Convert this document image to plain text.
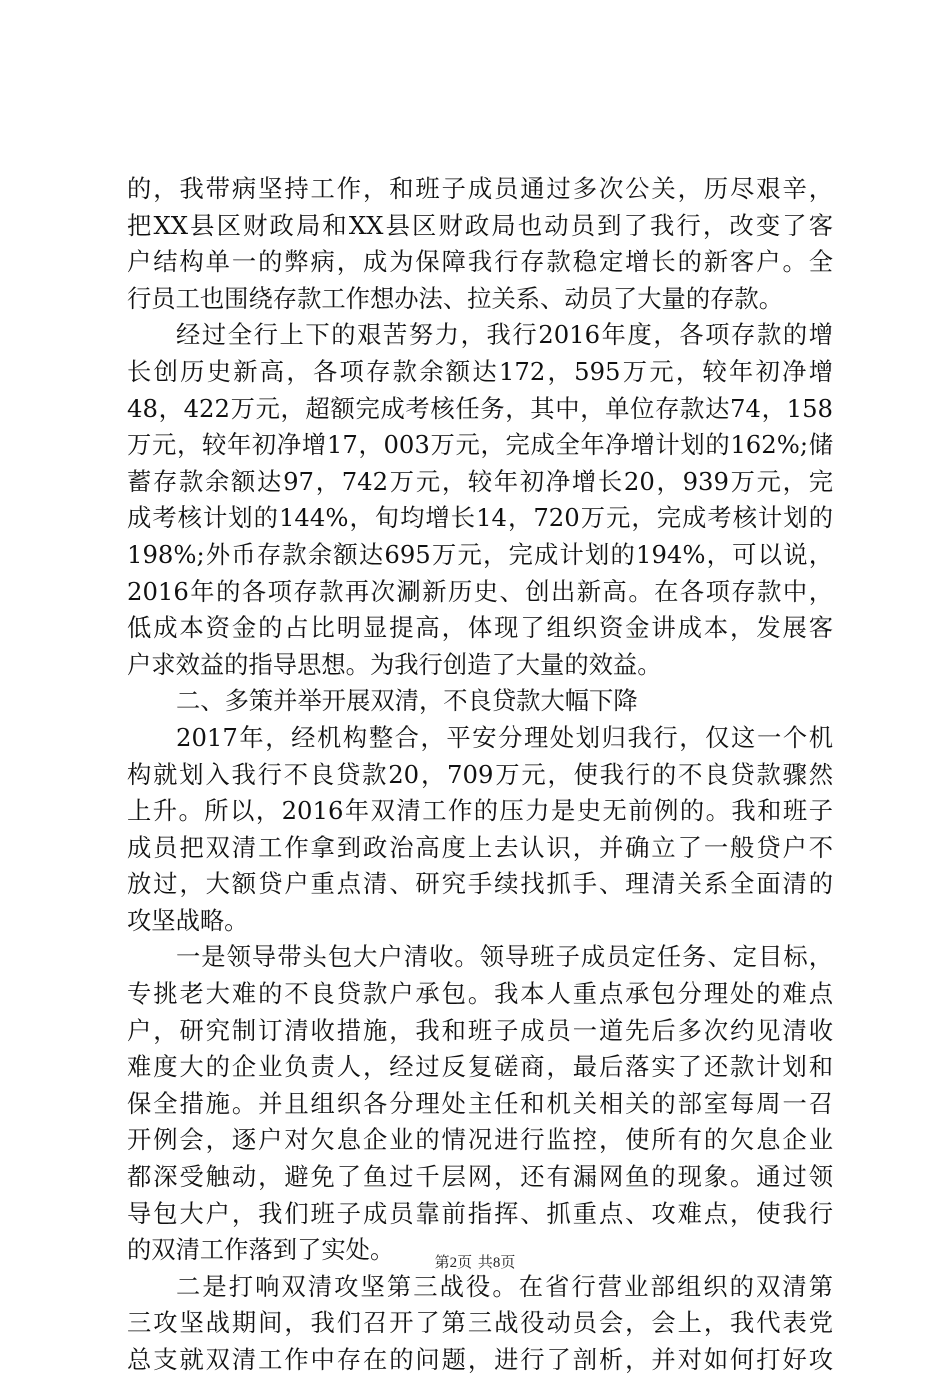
的，我带病坚持工作，和班子成员通过多次公关，历尽艰辛，
把XX县区财政局和XX县区财政局也动员到了我行，改变了客
户结构单一的弊病，成为保障我行存款稳定增长的新客户。全
行员工也围绕存款工作想办法、拉关系、动员了大量的存款。
经过全行上下的艰苦努力，我行2016年度，各项存款的增
长创历史新高，各项存款余额达172，595万元，较年初净增
48，422万元，超额完成考核任务，其中，单位存款达74，158
万元，较年初净增17，003万元，完成全年净增计划的162%;储
蓄存款余额达97，742万元，较年初净增长20，939万元，完
成考核计划的144%，旬均增长14，720万元，完成考核计划的
198%;外币存款余额达695万元，完成计划的194%，可以说，
2016年的各项存款再次涮新历史、创出新高。在各项存款中，
低成本资金的占比明显提高，体现了组织资金讲成本，发展客
户求效益的指导思想。为我行创造了大量的效益。
二、多策并举开展双清，不良贷款大幅下降
2017年，经机构整合，平安分理处划归我行，仅这一个机
构就划入我行不良贷款20，709万元，使我行的不良贷款骤然
上升。所以，2016年双清工作的压力是史无前例的。我和班子
成员把双清工作拿到政治高度上去认识，并确立了一般贷户不
放过，大额贷户重点清、研究手续找抓手、理清关系全面清的
攻坚战略。
一是领导带头包大户清收。领导班子成员定任务、定目标，
专挑老大难的不良贷款户承包。我本人重点承包分理处的难点
户，研究制订清收措施，我和班子成员一道先后多次约见清收
难度大的企业负责人，经过反复磋商，最后落实了还款计划和
保全措施。并且组织各分理处主任和机关相关的部室每周一召
开例会，逐户对欠息企业的情况进行监控，使所有的欠息企业
都深受触动，避免了鱼过千层网，还有漏网鱼的现象。通过领
导包大户，我们班子成员靠前指挥、抓重点、攻难点，使我行
的双清工作落到了实处。
二是打响双清攻坚第三战役。在省行营业部组织的双清第
三攻坚战期间，我们召开了第三战役动员会，会上，我代表党
总支就双清工作中存在的问题，进行了剖析，并对如何打好攻
第2页 共8页
